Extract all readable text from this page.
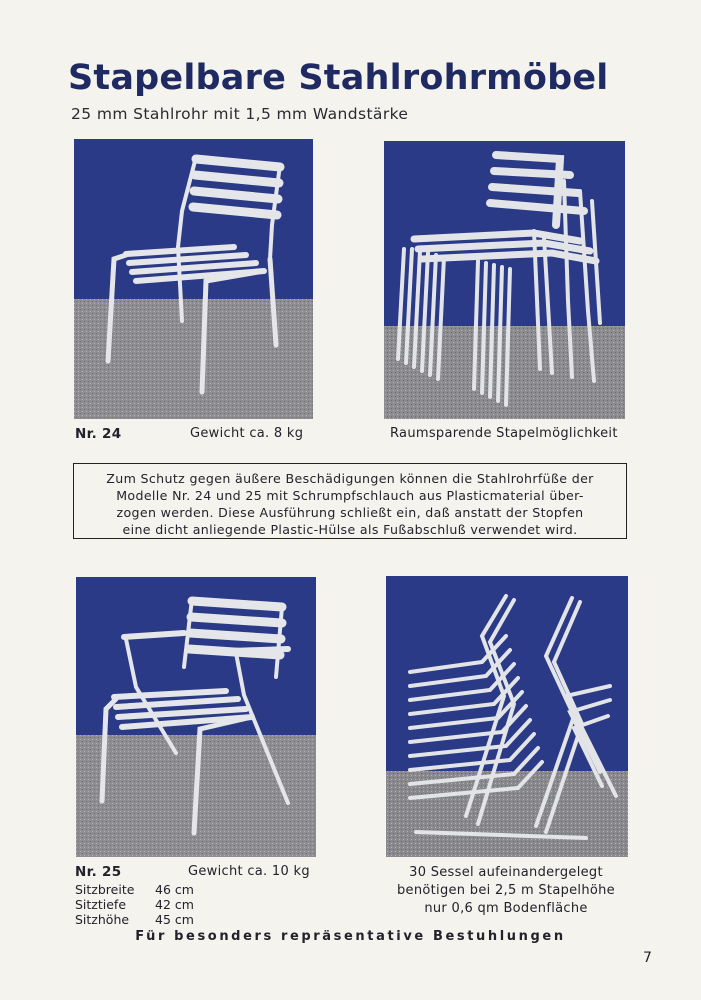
Stapelbare Stahlrohrmöbel
25 mm Stahlrohr mit 1,5 mm Wandstärke
Nr. 24	Gewicht ca. 8 kg	Raumsparende Stapelmöglichkeit

Zum Schutz gegen äußere Beschädigungen können die Stahlrohrfüße der

Modelle Nr. 24 und 25 mit Schrumpfschlauch aus Plasticmaterial über-

zogen werden. Diese Ausführung schließt ein, daß anstatt der Stopfen

eine dicht anliegende Plastic-Hülse als Fußabschluß verwendet wird.

Nr. 25	Gewicht ca. 10 kg
Sitzbreite	46 cm
Sitztiefe	42 cm
Sitzhöhe	45 cm
30 Sessel aufeinandergelegt
benötigen bei 2,5 m Stapelhöhe
nur 0,6 qm Bodenfläche
Für besonders repräsentative Bestuhlungen
7
